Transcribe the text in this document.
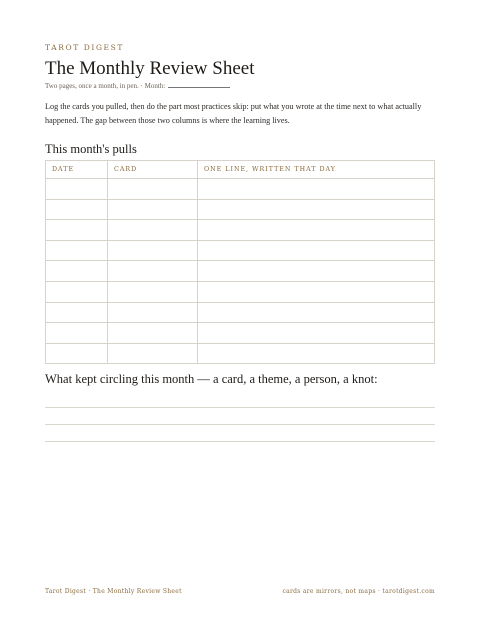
TAROT DIGEST
The Monthly Review Sheet
Two pages, once a month, in pen. · Month:
Log the cards you pulled, then do the part most practices skip: put what you wrote at the time next to what actually happened. The gap between those two columns is where the learning lives.
This month's pulls
DATE	CARD	ONE LINE, WRITTEN THAT DAY

What kept circling this month — a card, a theme, a person, a knot:
Tarot Digest · The Monthly Review Sheet	cards are mirrors, not maps · tarotdigest.com
